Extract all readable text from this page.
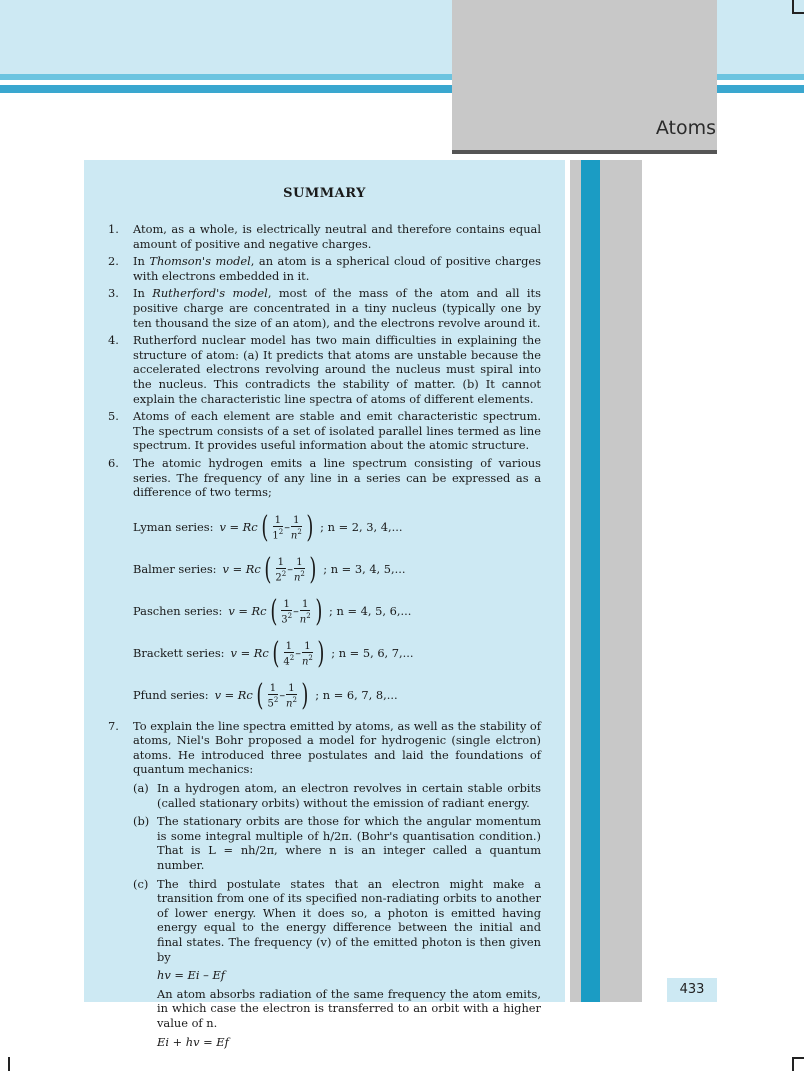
Atoms
SUMMARY
1. Atom, as a whole, is electrically neutral and therefore contains equal amount of positive and negative charges.
2. In Thomson's model, an atom is a spherical cloud of positive charges with electrons embedded in it.
3. In Rutherford's model, most of the mass of the atom and all its positive charge are concentrated in a tiny nucleus (typically one by ten thousand the size of an atom), and the electrons revolve around it.
4. Rutherford nuclear model has two main difficulties in explaining the structure of atom: (a) It predicts that atoms are unstable because the accelerated electrons revolving around the nucleus must spiral into the nucleus. This contradicts the stability of matter. (b) It cannot explain the characteristic line spectra of atoms of different elements.
5. Atoms of each element are stable and emit characteristic spectrum. The spectrum consists of a set of isolated parallel lines termed as line spectrum. It provides useful information about the atomic structure.
6. The atomic hydrogen emits a line spectrum consisting of various series. The frequency of any line in a series can be expressed as a difference of two terms;
Lyman series: v = Rc ( $\frac{1}{1^2} - \frac{1}{n^2}$ ) ; n = 2, 3, 4,...
Balmer series: v = Rc ( $\frac{1}{2^2} - \frac{1}{n^2}$ ) ; n = 3, 4, 5,...
Paschen series: v = Rc ( $\frac{1}{3^2} - \frac{1}{n^2}$ ) ; n = 4, 5, 6,...
Brackett series: v = Rc ( $\frac{1}{4^2} - \frac{1}{n^2}$ ) ; n = 5, 6, 7,...
Pfund series: v = Rc ( $\frac{1}{5^2} - \frac{1}{n^2}$ ) ; n = 6, 7, 8,...
7. To explain the line spectra emitted by atoms, as well as the stability of atoms, Niel's Bohr proposed a model for hydrogenic (single elctron) atoms. He introduced three postulates and laid the foundations of quantum mechanics:
(a) In a hydrogen atom, an electron revolves in certain stable orbits (called stationary orbits) without the emission of radiant energy.
(b) The stationary orbits are those for which the angular momentum is some integral multiple of h/2π. (Bohr's quantisation condition.) That is L = nh/2π, where n is an integer called a quantum number.
(c) The third postulate states that an electron might make a transition from one of its specified non-radiating orbits to another of lower energy. When it does so, a photon is emitted having energy equal to the energy difference between the initial and final states. The frequency (v) of the emitted photon is then given by
hv = Ei – Ef
An atom absorbs radiation of the same frequency the atom emits, in which case the electron is transferred to an orbit with a higher value of n.
Ei + hv = Ef
433
